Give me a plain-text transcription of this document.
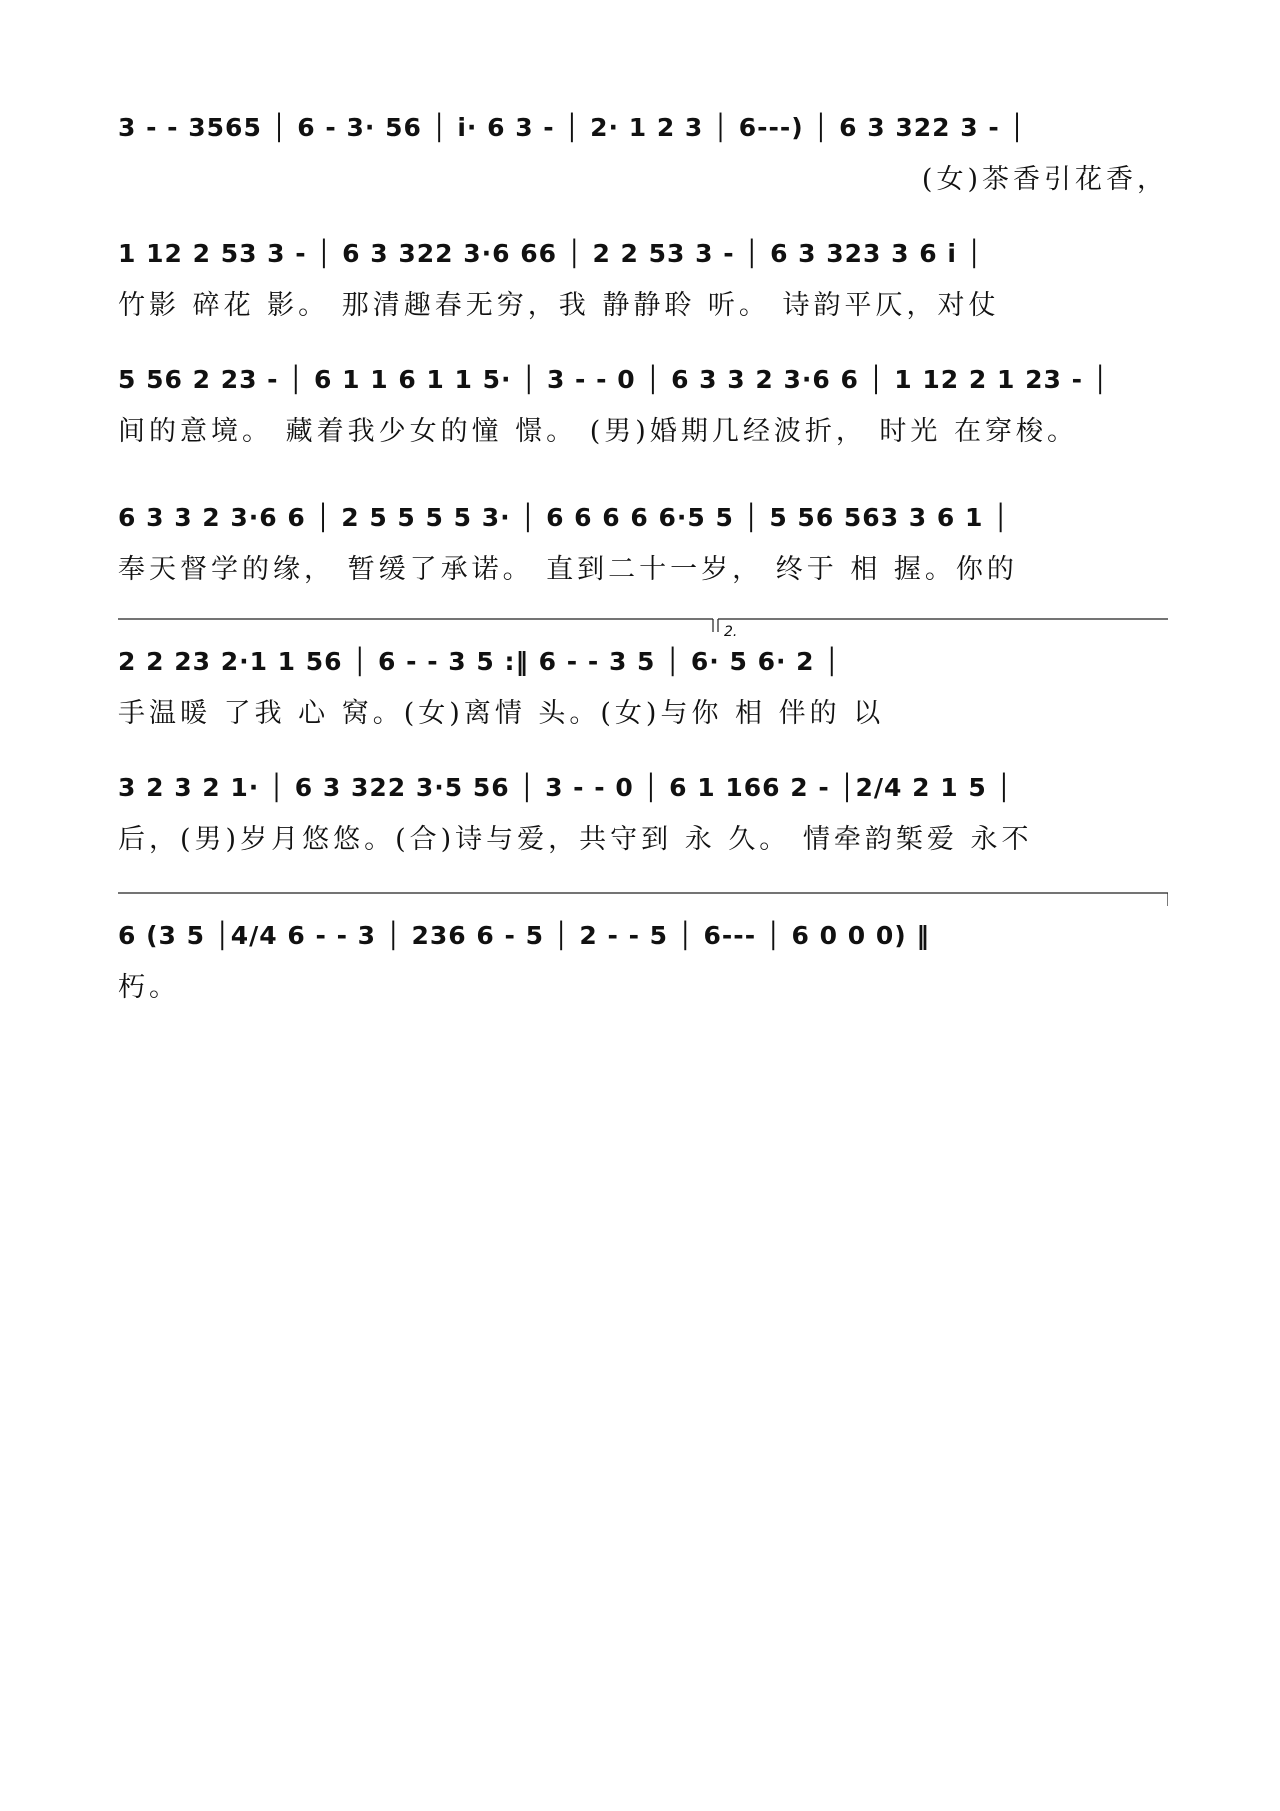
3 - - 3565 │ 6 - 3· 56 │ i· 6 3 - │ 2· 1 2 3 │ 6---) │ 6 3 322 3 - │
(女)茶香引花香，
1 12 2 53 3 - │ 6 3 322 3·6 66 │ 2 2 53 3 - │ 6 3 323 3 6 i │
竹影 碎花 影。 那清趣春无穷，我 静静聆 听。 诗韵平仄，对仗
5 56 2 23 - │ 6 1 1 6 1 1 5· │ 3 - - 0 │ 6 3 3 2 3·6 6 │ 1 12 2 1 23 - │
间的意境。 藏着我少女的憧 憬。 (男)婚期几经波折， 时光 在穿梭。
6 3 3 2 3·6 6 │ 2 5 5 5 5 3· │ 6 6 6 6 6·5 5 │ 5 56 563 3 6 1 │
奉天督学的缘， 暂缓了承诺。 直到二十一岁， 终于 相 握。你的
2.
2 2 23 2·1 1 56 │ 6 - - 3 5 :‖ 6 - - 3 5 │ 6· 5 6· 2 │
手温暖 了我 心 窝。(女)离情 头。(女)与你 相 伴的 以
3 2 3 2 1· │ 6 3 322 3·5 56 │ 3 - - 0 │ 6 1 166 2 - │2/4 2 1 5 │
后，(男)岁月悠悠。(合)诗与爱，共守到 永 久。 情牵韵椠爱 永不
6 (3 5 │4/4 6 - - 3 │ 236 6 - 5 │ 2 - - 5 │ 6--- │ 6 0 0 0) ‖
朽。
